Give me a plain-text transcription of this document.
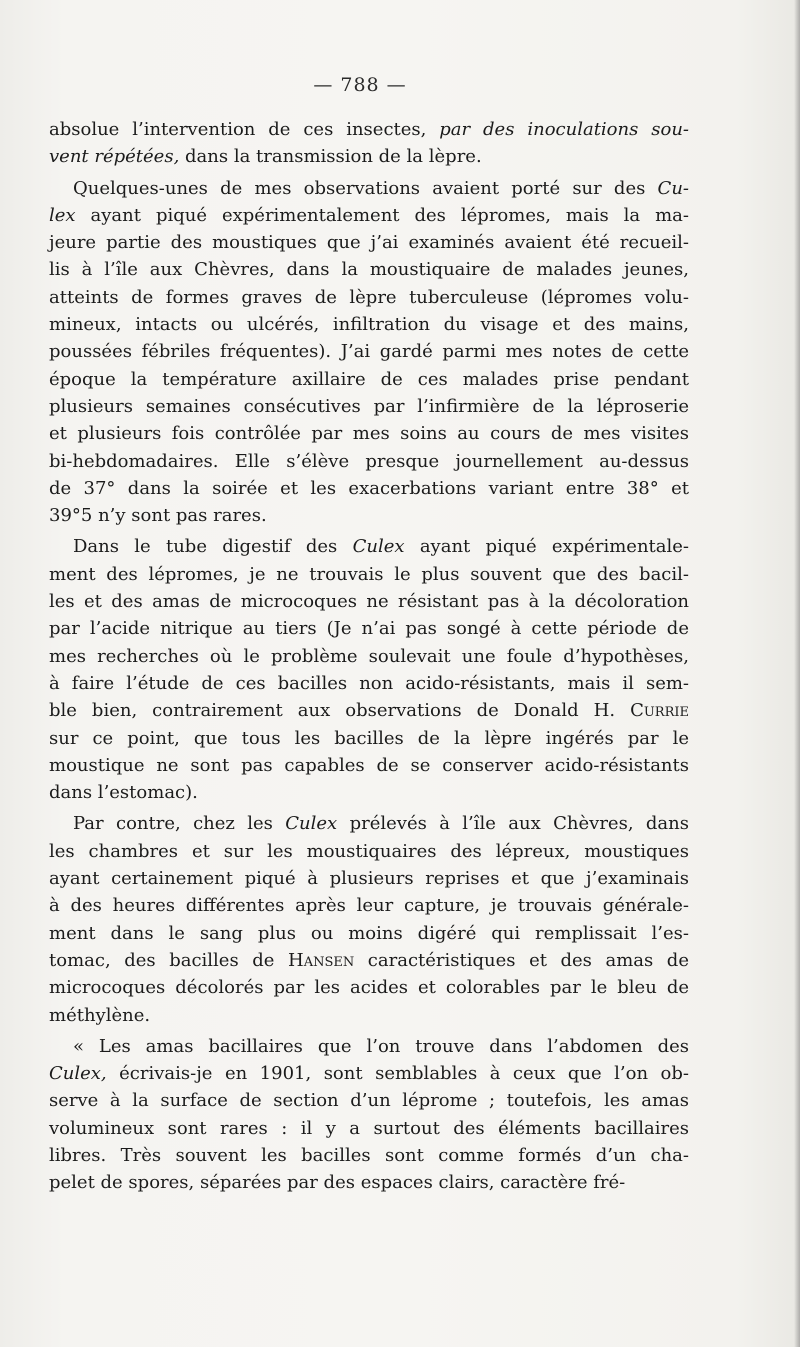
— 788 —

absolue l’intervention de ces insectes, par des inoculations sou-
vent répétées, dans la transmission de la lèpre.

Quelques-unes de mes observations avaient porté sur des Cu-
lex ayant piqué expérimentalement des lépromes, mais la ma-
jeure partie des moustiques que j’ai examinés avaient été recueil-
lis à l’île aux Chèvres, dans la moustiquaire de malades jeunes,
atteints de formes graves de lèpre tuberculeuse (lépromes volu-
mineux, intacts ou ulcérés, infiltration du visage et des mains,
poussées fébriles fréquentes). J’ai gardé parmi mes notes de cette
époque la température axillaire de ces malades prise pendant
plusieurs semaines consécutives par l’infirmière de la léproserie
et plusieurs fois contrôlée par mes soins au cours de mes visites
bi-hebdomadaires. Elle s’élève presque journellement au-dessus
de 37° dans la soirée et les exacerbations variant entre 38° et
39°5 n’y sont pas rares.

Dans le tube digestif des Culex ayant piqué expérimentale-
ment des lépromes, je ne trouvais le plus souvent que des bacil-
les et des amas de microcoques ne résistant pas à la décoloration
par l’acide nitrique au tiers (Je n’ai pas songé à cette période de
mes recherches où le problème soulevait une foule d’hypothèses,
à faire l’étude de ces bacilles non acido-résistants, mais il sem-
ble bien, contrairement aux observations de Donald H. Currie
sur ce point, que tous les bacilles de la lèpre ingérés par le
moustique ne sont pas capables de se conserver acido-résistants
dans l’estomac).

Par contre, chez les Culex prélevés à l’île aux Chèvres, dans
les chambres et sur les moustiquaires des lépreux, moustiques
ayant certainement piqué à plusieurs reprises et que j’examinais
à des heures différentes après leur capture, je trouvais générale-
ment dans le sang plus ou moins digéré qui remplissait l’es-
tomac, des bacilles de Hansen caractéristiques et des amas de
microcoques décolorés par les acides et colorables par le bleu de
méthylène.

« Les amas bacillaires que l’on trouve dans l’abdomen des
Culex, écrivais-je en 1901, sont semblables à ceux que l’on ob-
serve à la surface de section d’un léprome ; toutefois, les amas
volumineux sont rares : il y a surtout des éléments bacillaires
libres. Très souvent les bacilles sont comme formés d’un cha-
pelet de spores, séparées par des espaces clairs, caractère fré-
